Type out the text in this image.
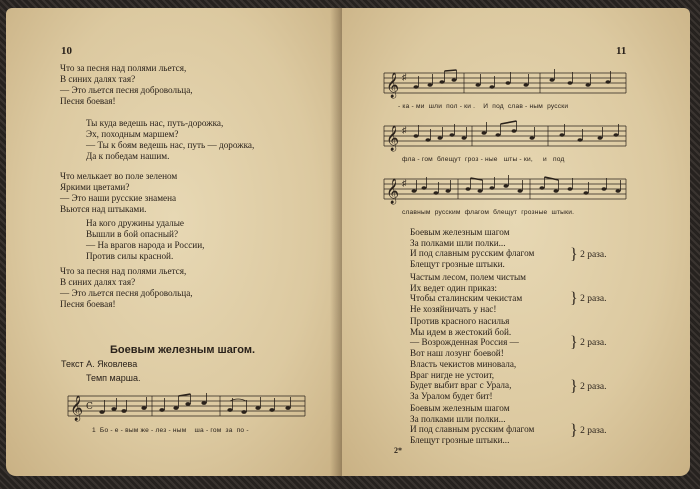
10
Что за песня над полями льется,
В синих далях тая?
— Это льется песня добровольца,
Песня боевая!
Ты куда ведешь нас, путь-дорожка,
Эх, походным маршем?
— Ты к боям ведешь нас, путь — дорожка,
Да к победам нашим.
Что мелькает во поле зеленом
Яркими цветами?
— Это наши русские знамена
Вьются над штыками.
На кого дружины удалые
Вышли в бой опасный?
— На врагов народа и России,
Против силы красной.
Что за песня над полями льется,
В синих далях тая?
— Это льется песня добровольца,
Песня боевая!
Боевым железным шагом.
Текст А. Яковлева
Темп марша.
𝄞 C
1  Бо - е - вым же - лез - ным    ша - гом  за  по -
11
𝄞 ♯
- ка - ми  шли  пол - ки .    И  под  слав - ным  русски
𝄞 ♯
фла - гом  блещут  гроз - ные   шты - ки,     и   под
𝄞 ♯
славным  русским  флагом  блещут  грозные  штыки.
Боевым железным шагом
За полками шли полки...
И под славным русским флагом
Блещут грозные штыки.
} 2 раза.
Частым лесом, полем чистым
Их ведет один приказ:
Чтобы сталинским чекистам
Не хозяйничать у нас!
} 2 раза.
Против красного насилья
Мы идем в жестокий бой.
— Возрожденная Россия —
Вот наш лозунг боевой!
} 2 раза.
Власть чекистов миновала,
Враг нигде не устоит,
Будет выбит враг с Урала,
За Уралом будет бит!
} 2 раза.
Боевым железным шагом
За полками шли полки...
И под славным русским флагом
Блещут грозные штыки...
} 2 раза.
2*
